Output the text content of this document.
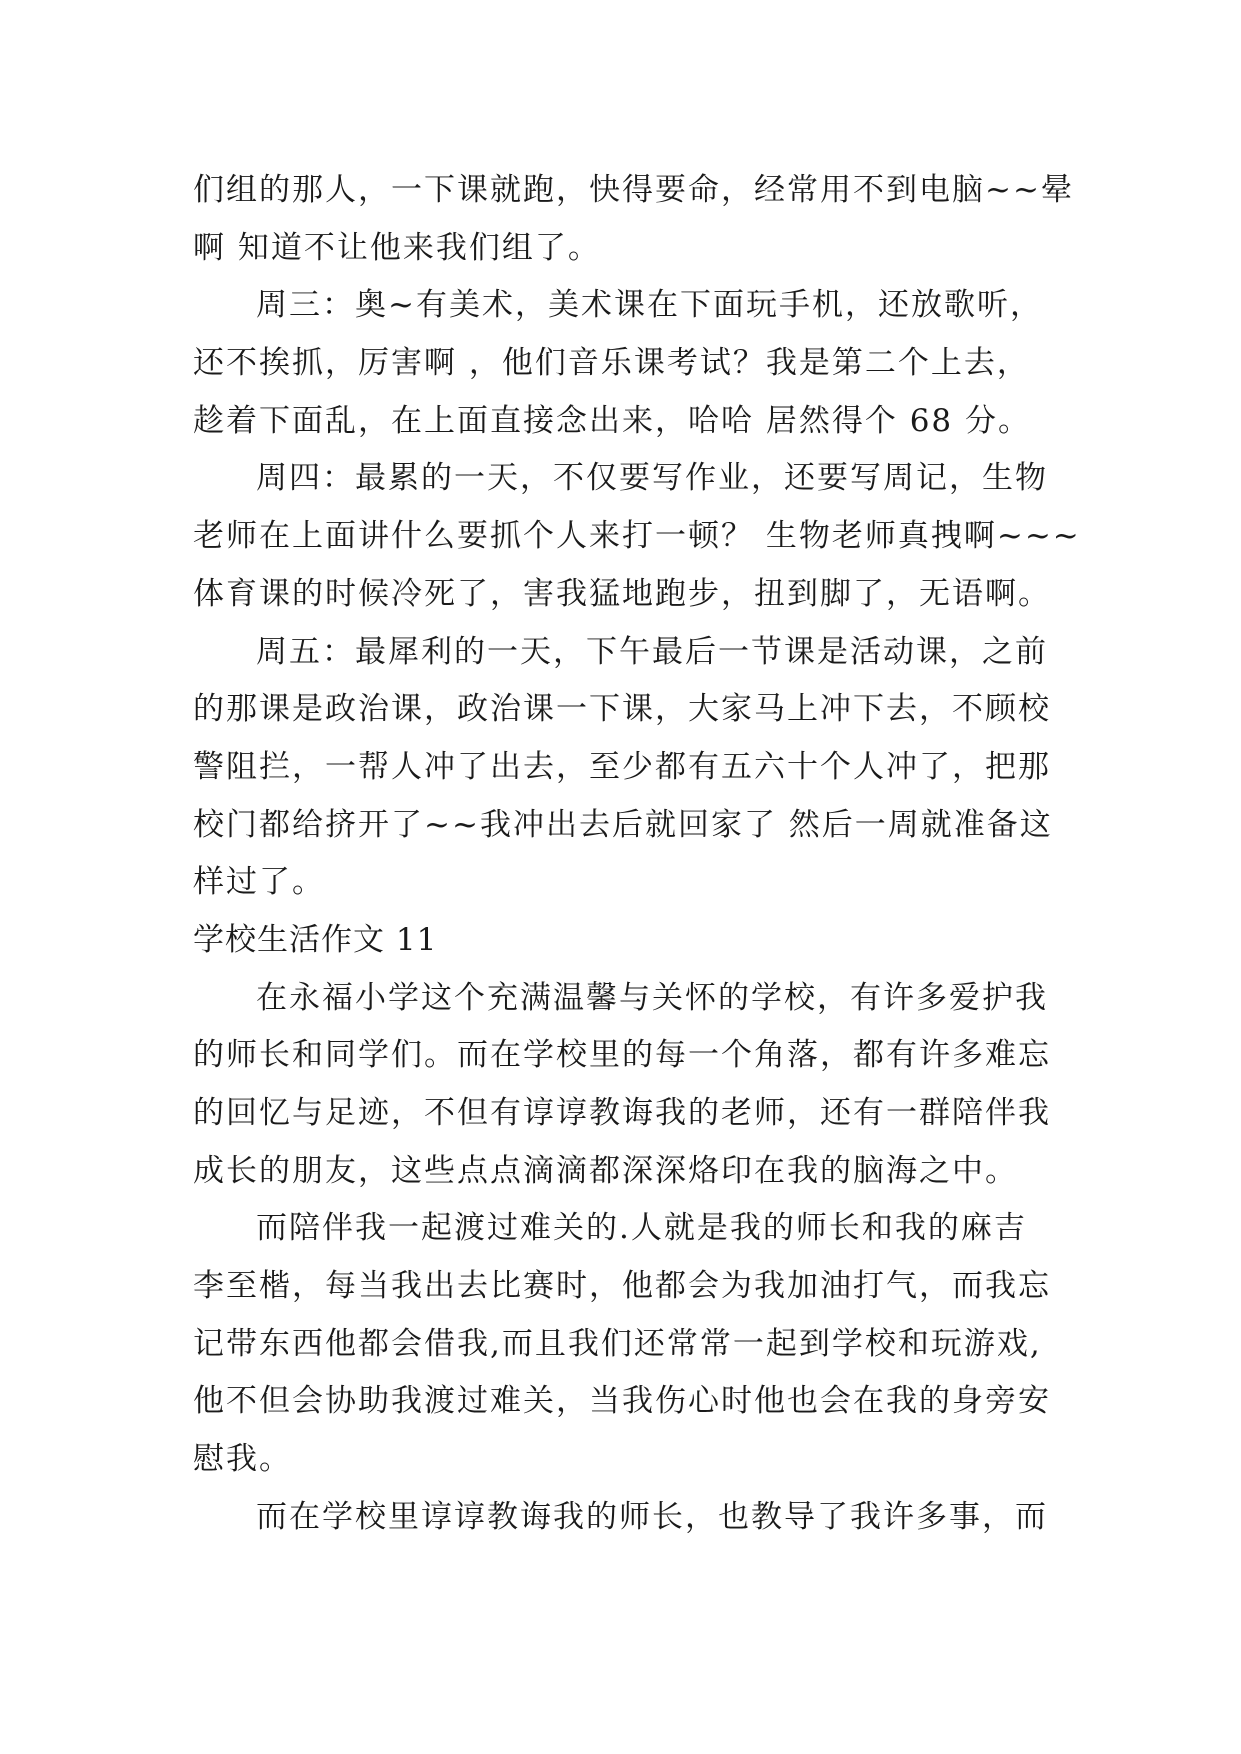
们组的那人，一下课就跑，快得要命，经常用不到电脑~~晕
啊 知道不让他来我们组了。
周三：奥~有美术，美术课在下面玩手机，还放歌听，
还不挨抓，厉害啊 ，他们音乐课考试？我是第二个上去，
趁着下面乱，在上面直接念出来，哈哈 居然得个 68 分。
周四：最累的一天，不仅要写作业，还要写周记，生物
老师在上面讲什么要抓个人来打一顿？ 生物老师真拽啊~~~
体育课的时候冷死了，害我猛地跑步，扭到脚了，无语啊。
周五：最犀利的一天，下午最后一节课是活动课，之前
的那课是政治课，政治课一下课，大家马上冲下去，不顾校
警阻拦，一帮人冲了出去，至少都有五六十个人冲了，把那
校门都给挤开了~~我冲出去后就回家了 然后一周就准备这
样过了。
学校生活作文 11
在永福小学这个充满温馨与关怀的学校，有许多爱护我
的师长和同学们。而在学校里的每一个角落，都有许多难忘
的回忆与足迹，不但有谆谆教诲我的老师，还有一群陪伴我
成长的朋友，这些点点滴滴都深深烙印在我的脑海之中。
而陪伴我一起渡过难关的.人就是我的师长和我的麻吉
李至楷，每当我出去比赛时，他都会为我加油打气，而我忘
记带东西他都会借我,而且我们还常常一起到学校和玩游戏,
他不但会协助我渡过难关，当我伤心时他也会在我的身旁安
慰我。
而在学校里谆谆教诲我的师长，也教导了我许多事，而
